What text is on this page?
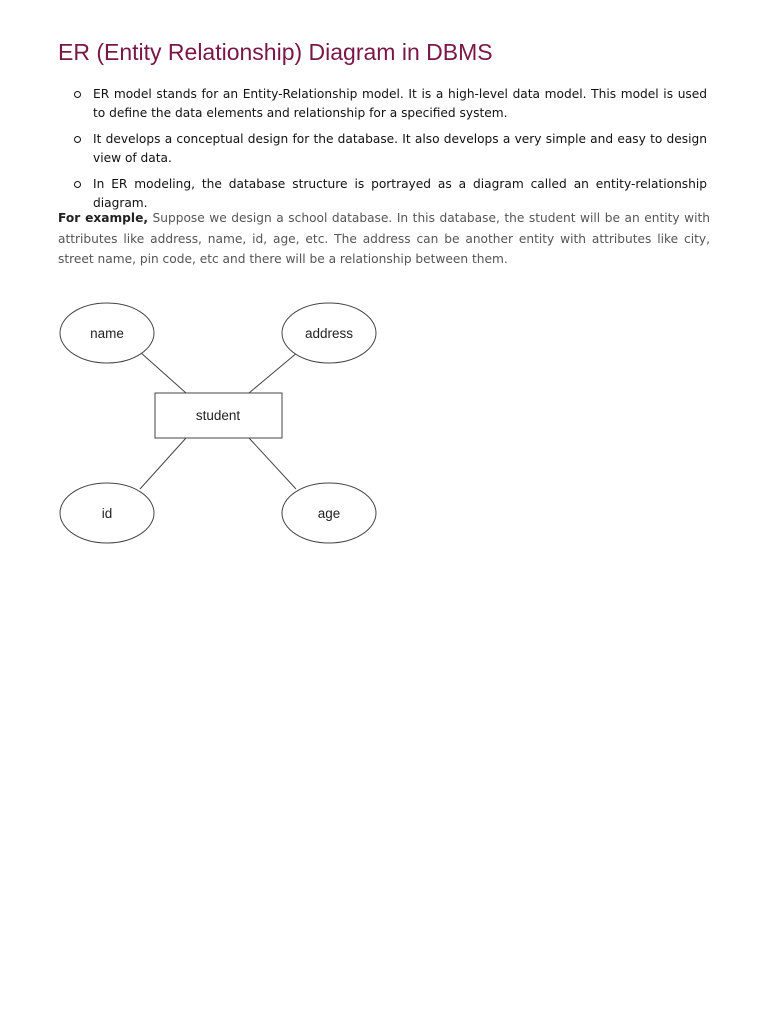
ER (Entity Relationship) Diagram in DBMS
ER model stands for an Entity-Relationship model. It is a high-level data model. This model is used to define the data elements and relationship for a specified system.
It develops a conceptual design for the database. It also develops a very simple and easy to design view of data.
In ER modeling, the database structure is portrayed as a diagram called an entity-relationship diagram.

For example, Suppose we design a school database. In this database, the student will be an entity with attributes like address, name, id, age, etc. The address can be another entity with attributes like city, street name, pin code, etc and there will be a relationship between them.

name	address
student
id	age
